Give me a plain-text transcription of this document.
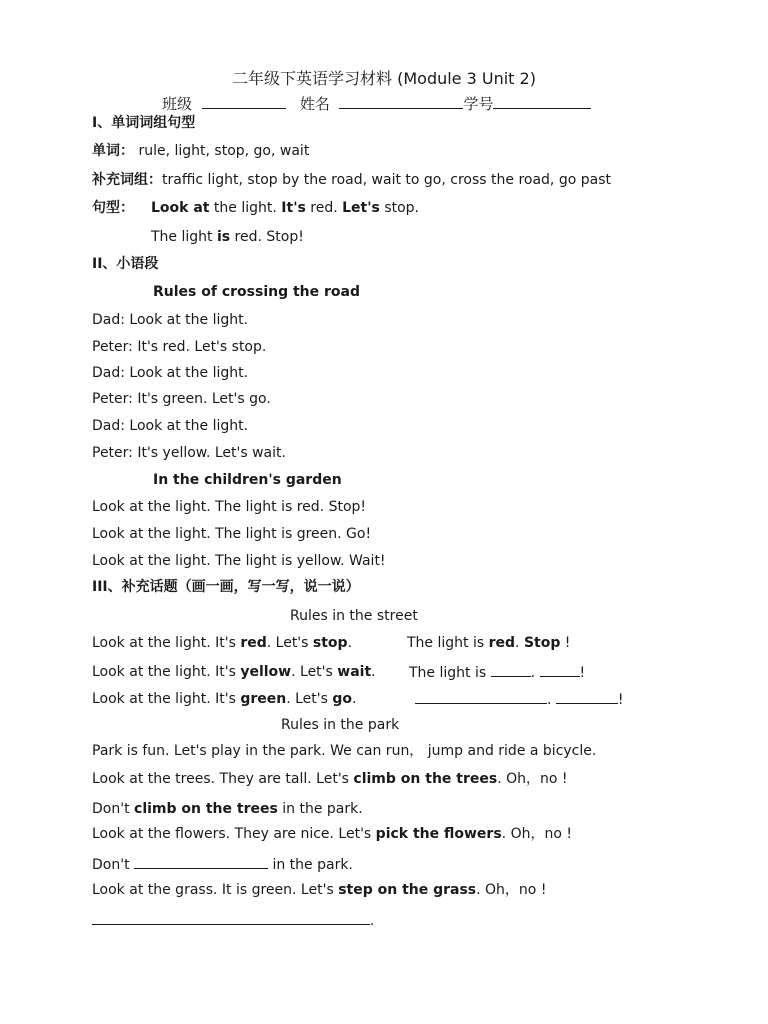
二年级下英语学习材料 (Module 3 Unit 2)
班级	姓名	学号
I、单词词组句型
单词： rule, light, stop, go, wait
补充词组：traffic light, stop by the road, wait to go, cross the road, go past
句型： Look at the light. It's red. Let's stop.
The light is red. Stop!
II、小语段
Rules of crossing the road
Dad: Look at the light.
Peter: It's red. Let's stop.
Dad: Look at the light.
Peter: It's green. Let's go.
Dad: Look at the light.
Peter: It's yellow. Let's wait.
In the children's garden
Look at the light. The light is red. Stop!
Look at the light. The light is green. Go!
Look at the light. The light is yellow. Wait!
III、补充话题（画一画，写一写，说一说）
Rules in the street
Look at the light. It's red. Let's stop.	The light is red. Stop !
Look at the light. It's yellow. Let's wait. The light is	.	!
Look at the light. It's green. Let's go.	.	!
Rules in the park
Park is fun. Let's play in the park. We can run， jump and ride a bicycle.
Look at the trees. They are tall. Let's climb on the trees. Oh，no !
Don't climb on the trees in the park.
Look at the flowers. They are nice. Let's pick the flowers. Oh，no !
Don't	in the park.
Look at the grass. It is green. Let's step on the grass. Oh，no !
.
